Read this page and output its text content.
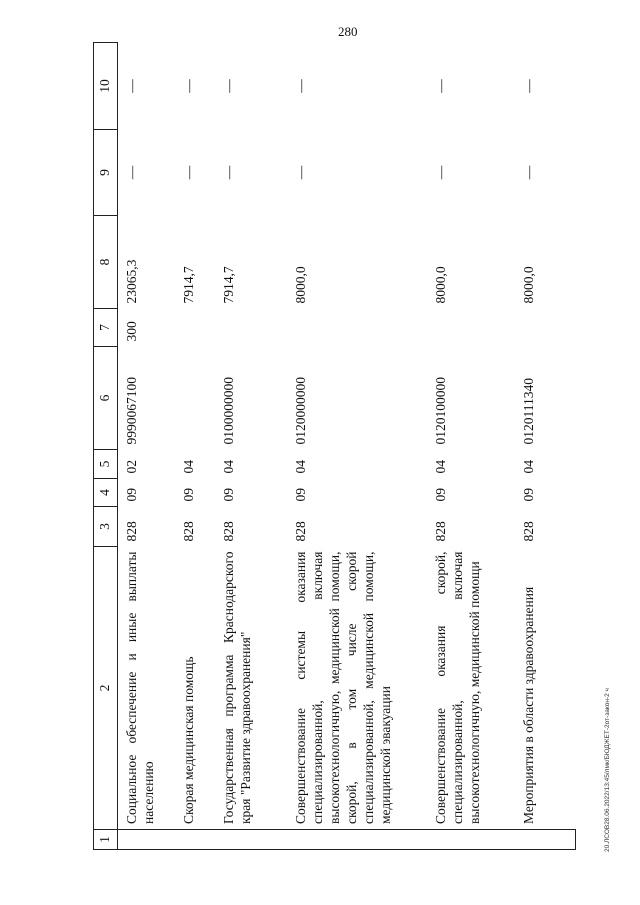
280
1	2	3	4	5	6	7	8	9	10
	Социальное обеспечение и иные выплаты населению	828	09	02	9990067100	300	23065,3	—	—
	Скорая медицинская помощь	828	09	04			7914,7	—	—
	Государственная программа Краснодарского края "Развитие здравоохранения"	828	09	04	0100000000		7914,7	—	—
	Совершенствование системы оказания специализированной, включая высокотехнологичную, медицинской помощи, скорой, в том числе скорой специализированной, медицинской помощи, медицинской эвакуации	828	09	04	0120000000		8000,0	—	—
	Совершенствование оказания скорой, специализированной, включая высокотехнологичную, медицинской помощи	828	09	04	0120100000		8000,0	—	—
	Мероприятия в области здравоохранения	828	09	04	0120111340		8000,0	—	—
20.ЛСОВ28.06.2022/13:45/лмк/БЮДЖЕТ-2от-закон-2 ч
